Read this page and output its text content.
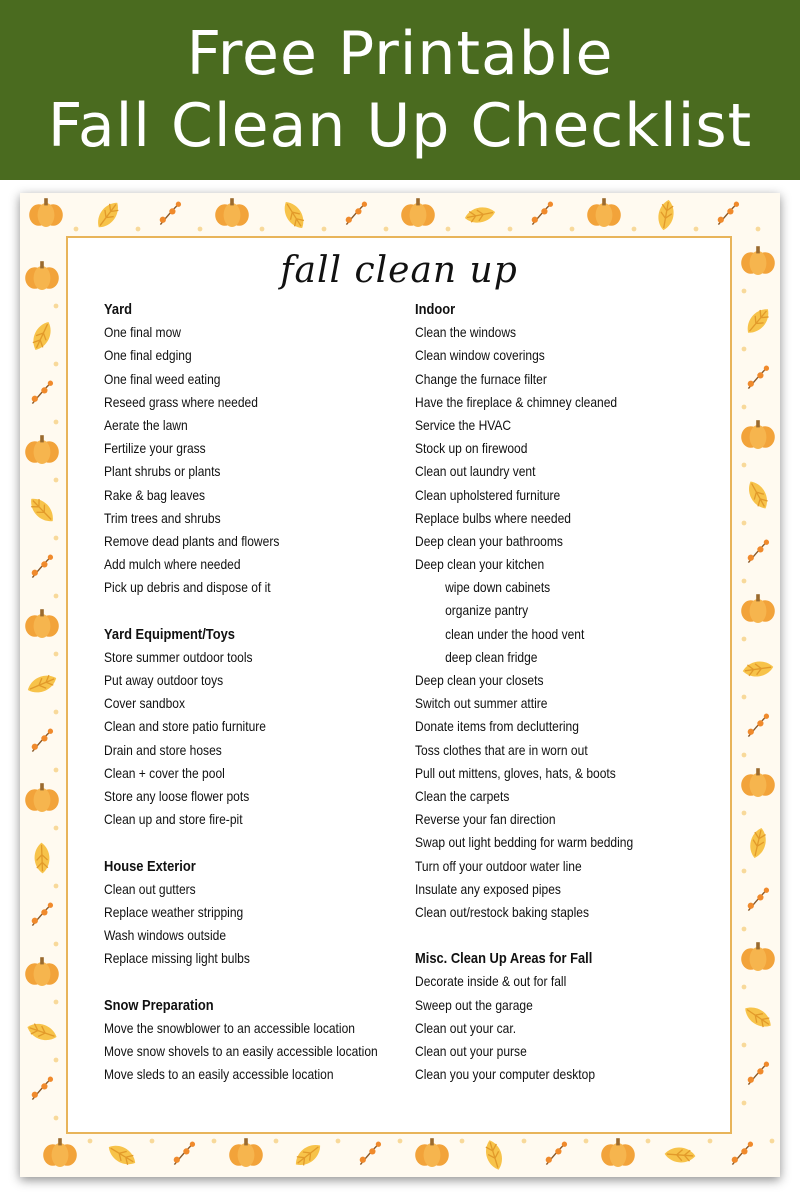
Free Printable
Fall Clean Up Checklist
fall clean up
Yard
One final mow
One final edging
One final weed eating
Reseed grass where needed
Aerate the lawn
Fertilize your grass
Plant shrubs or plants
Rake & bag leaves
Trim trees and shrubs
Remove dead plants and flowers
Add mulch where needed
Pick up debris and dispose of it
Yard Equipment/Toys
Store summer outdoor tools
Put away outdoor toys
Cover sandbox
Clean and store patio furniture
Drain and store hoses
Clean + cover the pool
Store any loose flower pots
Clean up and store fire-pit
House Exterior
Clean out gutters
Replace weather stripping
Wash windows outside
Replace missing light bulbs
Snow Preparation
Move the snowblower to an accessible location
Move snow shovels to an easily accessible location
Move sleds to an easily accessible location
Indoor
Clean the windows
Clean window coverings
Change the furnace filter
Have the fireplace & chimney cleaned
Service the HVAC
Stock up on firewood
Clean out laundry vent
Clean upholstered furniture
Replace bulbs where needed
Deep clean your bathrooms
Deep clean your kitchen
wipe down cabinets
organize pantry
clean under the hood vent
deep clean fridge
Deep clean your closets
Switch out summer attire
Donate items from decluttering
Toss clothes that are in worn out
Pull out mittens, gloves, hats, & boots
Clean the carpets
Reverse your fan direction
Swap out light bedding for warm bedding
Turn off your outdoor water line
Insulate any exposed pipes
Clean out/restock baking staples
Misc. Clean Up Areas for Fall
Decorate inside & out for fall
Sweep out the garage
Clean out your car.
Clean out your purse
Clean you your computer desktop
